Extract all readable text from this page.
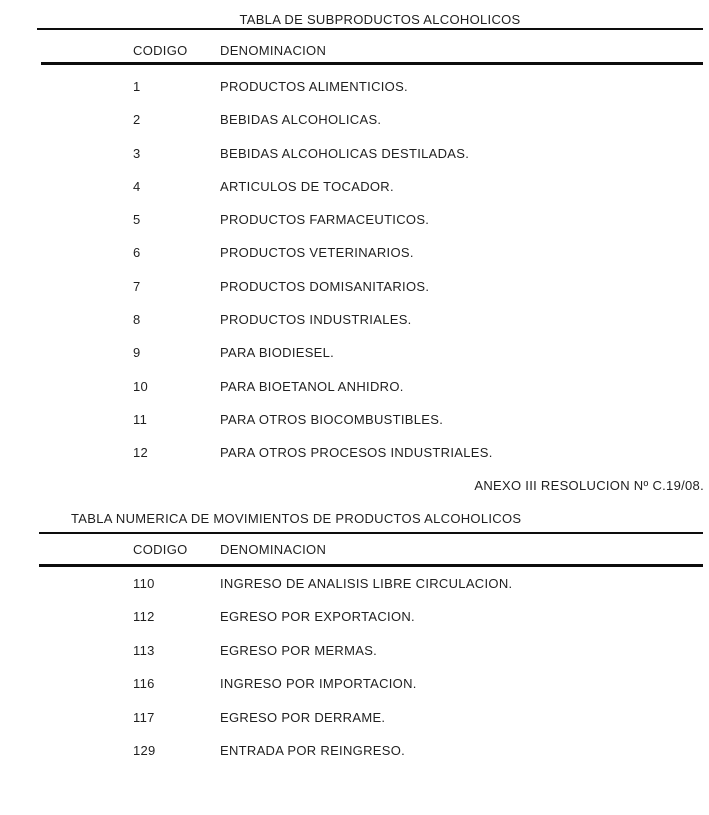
TABLA DE SUBPRODUCTOS ALCOHOLICOS
CODIGO DENOMINACION
1	PRODUCTOS ALIMENTICIOS.
2	BEBIDAS ALCOHOLICAS.
3	BEBIDAS ALCOHOLICAS DESTILADAS.
4	ARTICULOS DE TOCADOR.
5	PRODUCTOS FARMACEUTICOS.
6	PRODUCTOS VETERINARIOS.
7	PRODUCTOS DOMISANITARIOS.
8	PRODUCTOS INDUSTRIALES.
9	PARA BIODIESEL.
10	PARA BIOETANOL ANHIDRO.
11	PARA OTROS BIOCOMBUSTIBLES.
12	PARA OTROS PROCESOS INDUSTRIALES.
ANEXO III RESOLUCION Nº C.19/08.
TABLA NUMERICA DE MOVIMIENTOS DE PRODUCTOS ALCOHOLICOS
CODIGO DENOMINACION
110	INGRESO DE ANALISIS LIBRE CIRCULACION.
112	EGRESO POR EXPORTACION.
113	EGRESO POR MERMAS.
116	INGRESO POR IMPORTACION.
117	EGRESO POR DERRAME.
129	ENTRADA POR REINGRESO.
